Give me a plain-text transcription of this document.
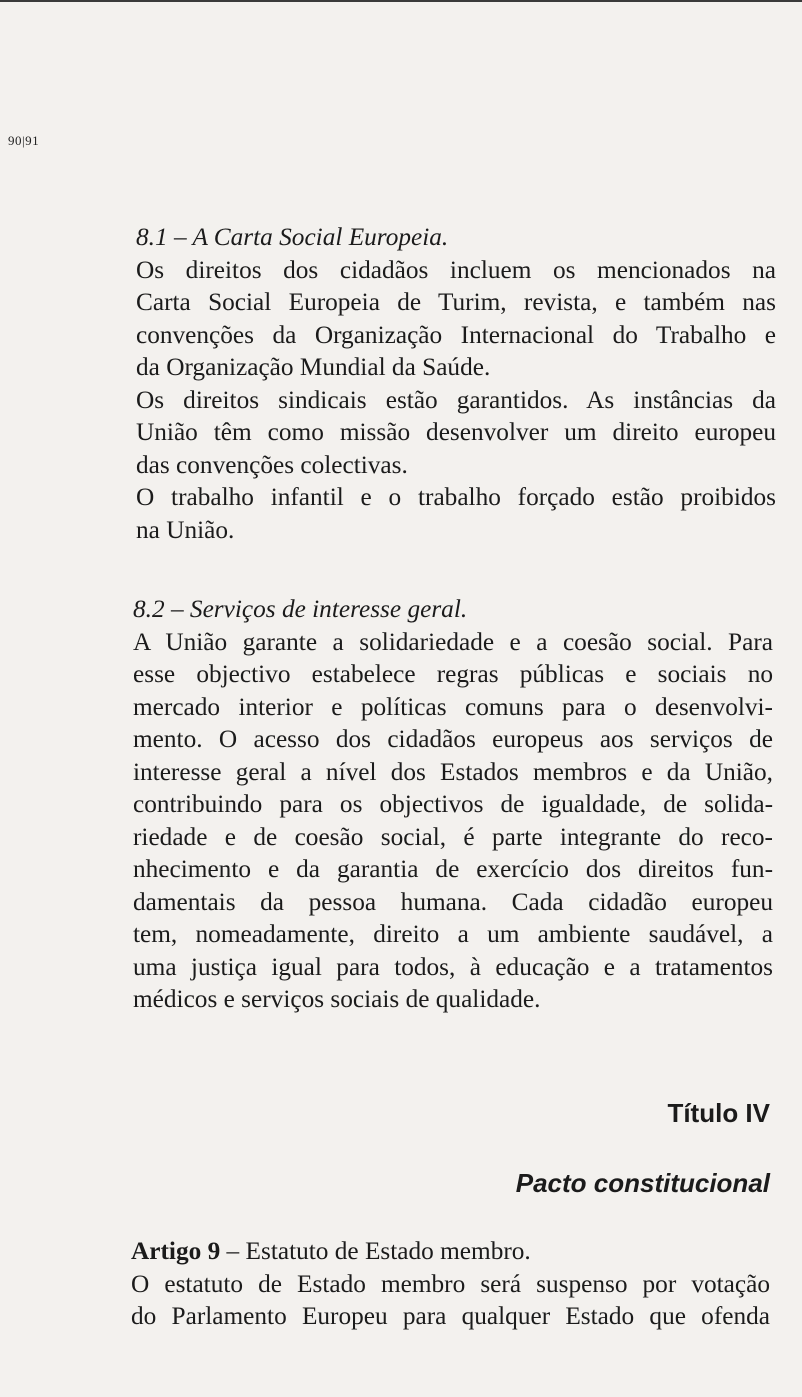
90|91
8.1 – A Carta Social Europeia.
Os direitos dos cidadãos incluem os mencionados na
Carta Social Europeia de Turim, revista, e também nas
convenções da Organização Internacional do Trabalho e
da Organização Mundial da Saúde.
Os direitos sindicais estão garantidos. As instâncias da
União têm como missão desenvolver um direito europeu
das convenções colectivas.
O trabalho infantil e o trabalho forçado estão proibidos
na União.
8.2 – Serviços de interesse geral.
A União garante a solidariedade e a coesão social. Para
esse objectivo estabelece regras públicas e sociais no
mercado interior e políticas comuns para o desenvolvi-
mento. O acesso dos cidadãos europeus aos serviços de
interesse geral a nível dos Estados membros e da União,
contribuindo para os objectivos de igualdade, de solida-
riedade e de coesão social, é parte integrante do reco-
nhecimento e da garantia de exercício dos direitos fun-
damentais da pessoa humana. Cada cidadão europeu
tem, nomeadamente, direito a um ambiente saudável, a
uma justiça igual para todos, à educação e a tratamentos
médicos e serviços sociais de qualidade.
Título IV
Pacto constitucional
Artigo 9 – Estatuto de Estado membro.
O estatuto de Estado membro será suspenso por votação
do Parlamento Europeu para qualquer Estado que ofenda
